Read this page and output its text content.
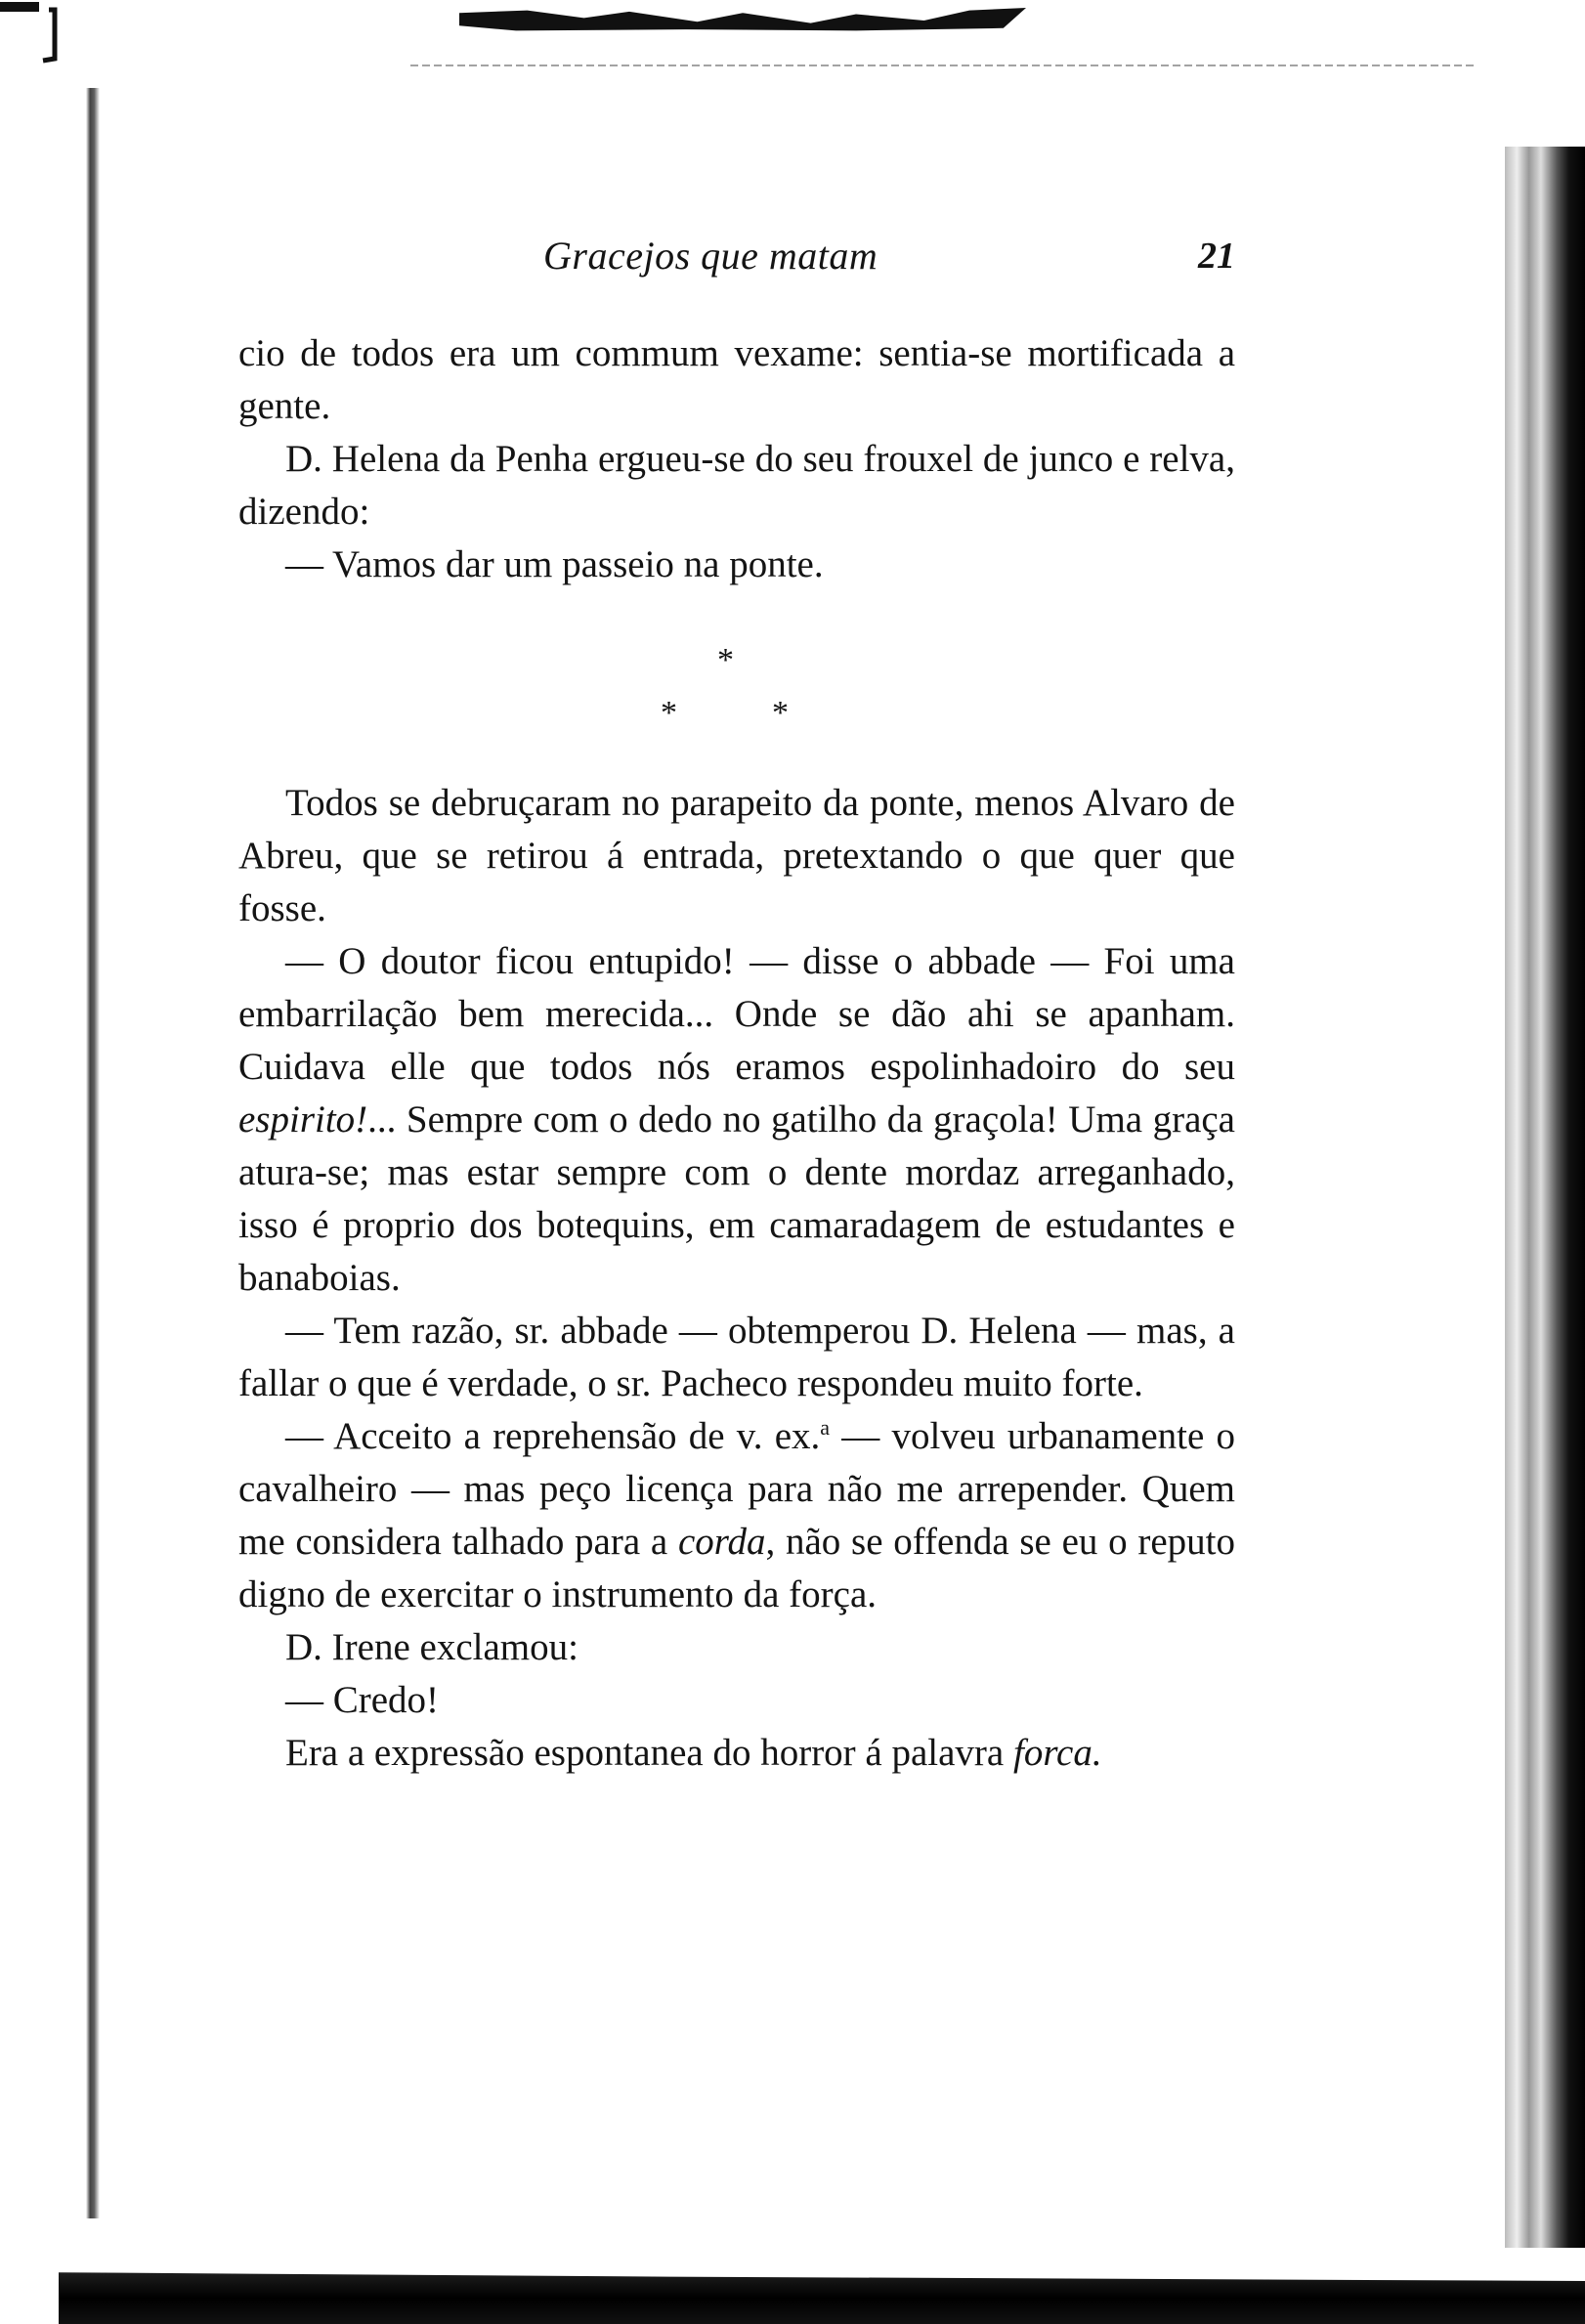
Gracejos que matam	21

cio de todos era um commum vexame: sentia-se mortificada a gente.

D. Helena da Penha ergueu-se do seu frouxel de junco e relva, dizendo:

— Vamos dar um passeio na ponte.

*
*	*

Todos se debruçaram no parapeito da ponte, menos Alvaro de Abreu, que se retirou á entrada, pretextando o que quer que fosse.

— O doutor ficou entupido! — disse o abbade — Foi uma embarrilação bem merecida... Onde se dão ahi se apanham. Cuidava elle que todos nós eramos espolinhadoiro do seu espirito!... Sempre com o dedo no gatilho da graçola! Uma graça atura-se; mas estar sempre com o dente mordaz arreganhado, isso é proprio dos botequins, em camaradagem de estudantes e banaboias.

— Tem razão, sr. abbade — obtemperou D. Helena — mas, a fallar o que é verdade, o sr. Pacheco respondeu muito forte.

— Acceito a reprehensão de v. ex.$^a$ — volveu urbanamente o cavalheiro — mas peço licença para não me arrepender. Quem me considera talhado para a corda, não se offenda se eu o reputo digno de exercitar o instrumento da força.

D. Irene exclamou:

— Credo!

Era a expressão espontanea do horror á palavra forca.
